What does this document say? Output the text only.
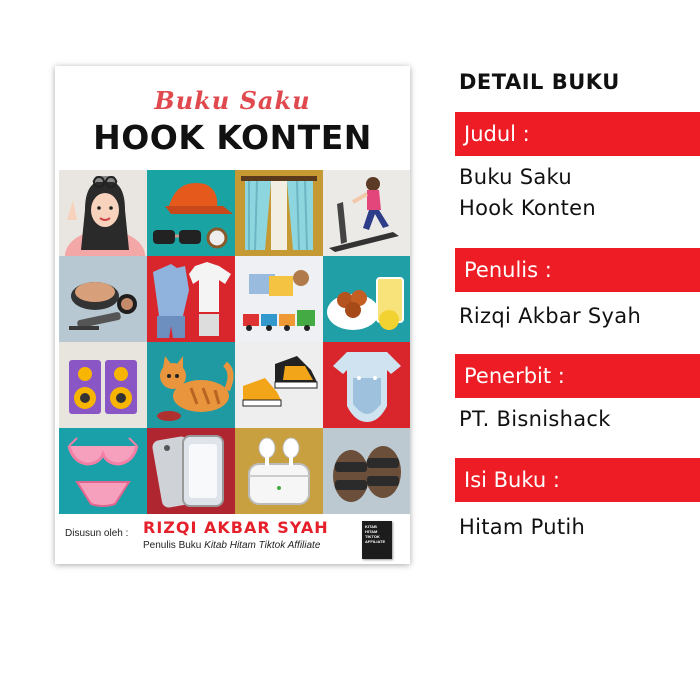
Buku Saku
HOOK KONTEN
Disusun oleh : RIZQI AKBAR SYAH
Penulis Buku Kitab Hitam Tiktok Affiliate
KITAB
HITAM
TIKTOK
AFFILIATE
DETAIL BUKU
Judul :
Buku Saku
Hook Konten
Penulis :
Rizqi Akbar Syah
Penerbit :
PT. Bisnishack
Isi Buku :
Hitam Putih
